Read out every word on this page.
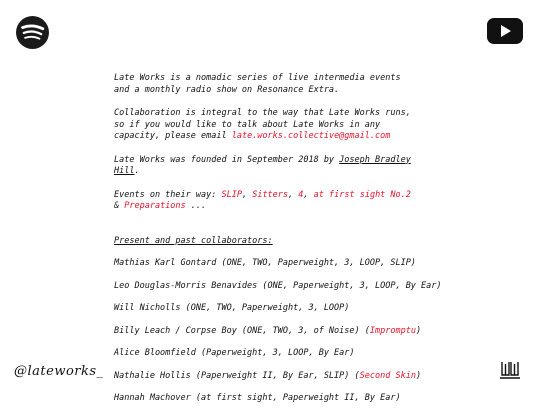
@lateworks_

Late Works is a nomadic series of live intermedia events and a monthly radio show on Resonance Extra.

Collaboration is integral to the way that Late Works runs, so if you would like to talk about Late Works in any capacity, please email late.works.collective@gmail.com

Late Works was founded in September 2018 by Joseph Bradley Hill.

Events on their way: SLIP, Sitters, 4, at first sight No.2 & Preparations ...

Present and past collaborators:
Mathias Karl Gontard (ONE, TWO, Paperweight, 3, LOOP, SLIP)
Leo Douglas-Morris Benavides (ONE, Paperweight, 3, LOOP, By Ear)
Will Nicholls (ONE, TWO, Paperweight, 3, LOOP)
Billy Leach / Corpse Boy (ONE, TWO, 3, of Noise) (Impromptu)
Alice Bloomfield (Paperweight, 3, LOOP, By Ear)
Nathalie Hollis (Paperweight II, By Ear, SLIP) (Second Skin)
Hannah Machover (at first sight, Paperweight II, By Ear)
